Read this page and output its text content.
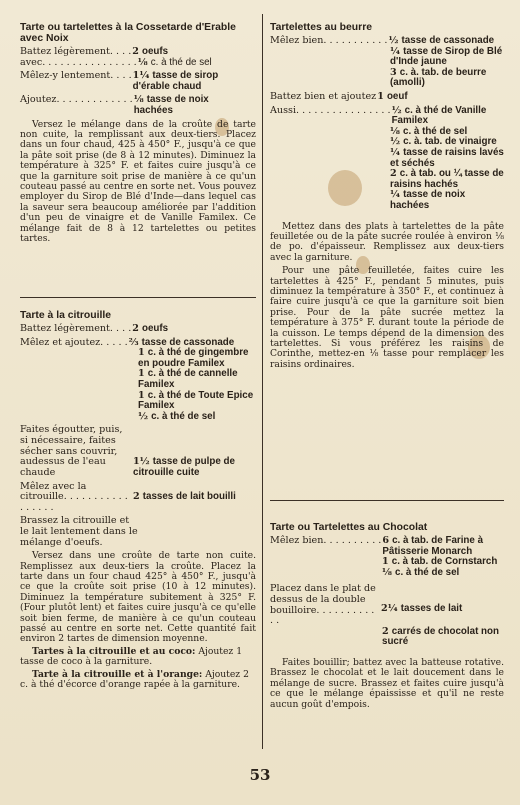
Tarte ou tartelettes à la Cossetarde d'Erable avec Noix
Battez légèrement. . . . 2 oeufs
avec. . . . . . . . . . . . . . . . ⅛ c. à thé de sel
Mêlez-y lentement. . . . 1¼ tasse de sirop d'érable chaud
Ajoutez. . . . . . . . . . . . . ⅛ tasse de noix hachées

Versez le mélange dans de la croûte de tarte non cuite, la remplissant aux deux-tiers. Placez dans un four chaud, 425 à 450° F., jusqu'à ce que la pâte soit prise (de 8 à 12 minutes). Diminuez la température à 325° F. et faites cuire jusqu'à ce que la garniture soit prise de manière à ce qu'un couteau passé au centre en sorte net. Vous pouvez employer du Sirop de Blé d'Inde—dans lequel cas la saveur sera beaucoup améliorée par l'addition d'un peu de vinaigre et de Vanille Familex. Ce mélange fait de 8 à 12 tartelettes ou petites tartes.

Tarte à la citrouille
Battez légèrement. . . . 2 oeufs
Mêlez et ajoutez. . . . . ⅔ tasse de cassonade
1 c. à thé de gingembre en poudre Familex
1 c. à thé de cannelle Familex
1 c. à thé de Toute Epice Familex
½ c. à thé de sel
Faites égoutter, puis, si nécessaire, faites sécher sans couvrir, audessus de l'eau chaude
1½ tasse de pulpe de citrouille cuite
Mêlez avec la citrouille. . . . . . . . . . . . . . . . .
2 tasses de lait bouilli
Brassez la citrouille et le lait lentement dans le mélange d'oeufs.

Versez dans une croûte de tarte non cuite. Remplissez aux deux-tiers la croûte. Placez la tarte dans un four chaud 425° à 450° F., jusqu'à ce que la croûte soit prise (10 à 12 minutes). Diminuez la température subitement à 325° F. (Four plutôt lent) et faites cuire jusqu'à ce qu'elle soit bien ferme, de manière à ce qu'un couteau passé au centre en sorte net. Cette quantité fait environ 2 tartes de dimension moyenne.

Tartes à la citrouille et au coco: Ajoutez 1 tasse de coco à la garniture.

Tarte à la citrouille et à l'orange: Ajoutez 2 c. à thé d'écorce d'orange rapée à la garniture.

Tartelettes au beurre
Mêlez bien. . . . . . . . . . . ½ tasse de cassonade
¼ tasse de Sirop de Blé d'Inde jaune
3 c. à. tab. de beurre (amolli)
Battez bien et ajoutez 1 oeuf
Aussi. . . . . . . . . . . . . . . . ½ c. à thé de Vanille Familex
⅛ c. à thé de sel
½ c. à. tab. de vinaigre
¼ tasse de raisins lavés et séchés
2 c. à tab. ou ¼ tasse de raisins hachés
¼ tasse de noix hachées

Mettez dans des plats à tartelettes de la pâte feuilletée ou de la pâte sucrée roulée à environ ⅛ de po. d'épaisseur. Remplissez aux deux-tiers avec la garniture.

Pour une pâte feuilletée, faites cuire les tartelettes à 425° F., pendant 5 minutes, puis diminuez la température à 350° F., et continuez à faire cuire jusqu'à ce que la garniture soit bien prise. Pour de la pâte sucrée mettez la température à 375° F. durant toute la période de la cuisson. Le temps dépend de la dimension des tartelettes. Si vous préférez les raisins de Corinthe, mettez-en ⅛ tasse pour remplacer les raisins ordinaires.

Tarte ou Tartelettes au Chocolat
Mêlez bien. . . . . . . . . . 6 c. à tab. de Farine à Pâtisserie Monarch
1 c. à tab. de Cornstarch
⅛ c. à thé de sel
Placez dans le plat de dessus de la double bouilloire. . . . . . . . . . . .
2¼ tasses de lait
2 carrés de chocolat non sucré

Faites bouillir; battez avec la batteuse rotative. Brassez le chocolat et le lait doucement dans le mélange de sucre. Brassez et faites cuire jusqu'à ce que le mélange épaississe et qu'il ne reste aucun goût d'empois.

53
